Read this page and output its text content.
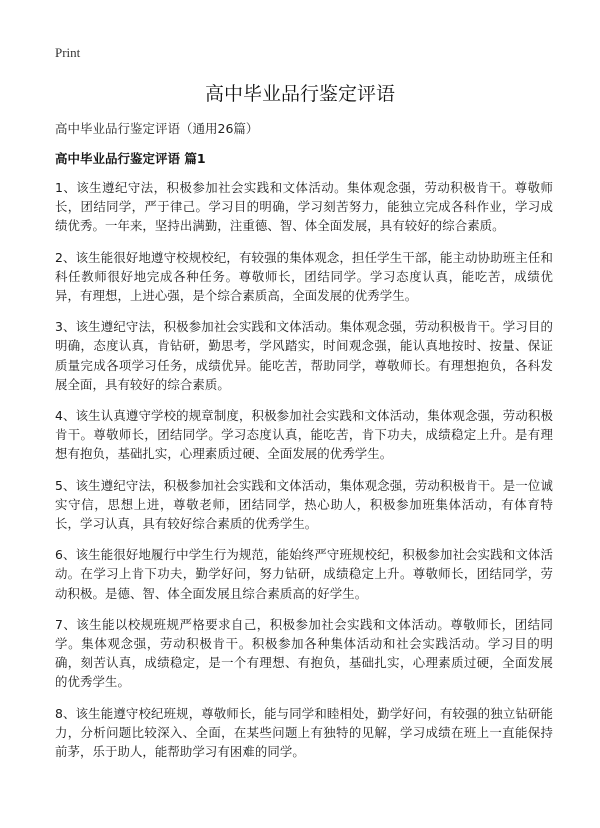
Print
高中毕业品行鉴定评语
高中毕业品行鉴定评语（通用26篇）
高中毕业品行鉴定评语 篇1

1、该生遵纪守法，积极参加社会实践和文体活动。集体观念强，劳动积极肯干。尊敬师长，团结同学，严于律己。学习目的明确，学习刻苦努力，能独立完成各科作业，学习成绩优秀。一年来，坚持出满勤，注重德、智、体全面发展，具有较好的综合素质。

2、该生能很好地遵守校规校纪，有较强的集体观念，担任学生干部，能主动协助班主任和科任教师很好地完成各种任务。尊敬师长，团结同学。学习态度认真，能吃苦，成绩优异，有理想，上进心强，是个综合素质高，全面发展的优秀学生。

3、该生遵纪守法，积极参加社会实践和文体活动。集体观念强，劳动积极肯干。学习目的明确，态度认真，肯钻研，勤思考，学风踏实，时间观念强，能认真地按时、按量、保证质量完成各项学习任务，成绩优异。能吃苦，帮助同学，尊敬师长。有理想抱负，各科发展全面，具有较好的综合素质。

4、该生认真遵守学校的规章制度，积极参加社会实践和文体活动，集体观念强，劳动积极肯干。尊敬师长，团结同学。学习态度认真，能吃苦，肯下功夫，成绩稳定上升。是有理想有抱负，基础扎实，心理素质过硬、全面发展的优秀学生。

5、该生遵纪守法，积极参加社会实践和文体活动，集体观念强，劳动积极肯干。是一位诚实守信，思想上进，尊敬老师，团结同学，热心助人，积极参加班集体活动，有体育特长，学习认真，具有较好综合素质的优秀学生。

6、该生能很好地履行中学生行为规范，能始终严守班规校纪，积极参加社会实践和文体活动。在学习上肯下功夫，勤学好问，努力钻研，成绩稳定上升。尊敬师长，团结同学，劳动积极。是德、智、体全面发展且综合素质高的好学生。

7、该生能以校规班规严格要求自己，积极参加社会实践和文体活动。尊敬师长，团结同学。集体观念强，劳动积极肯干。积极参加各种集体活动和社会实践活动。学习目的明确，刻苦认真，成绩稳定，是一个有理想、有抱负，基础扎实，心理素质过硬，全面发展的优秀学生。

8、该生能遵守校纪班规，尊敬师长，能与同学和睦相处，勤学好问，有较强的独立钻研能力，分析问题比较深入、全面，在某些问题上有独特的见解，学习成绩在班上一直能保持前茅，乐于助人，能帮助学习有困难的同学。
